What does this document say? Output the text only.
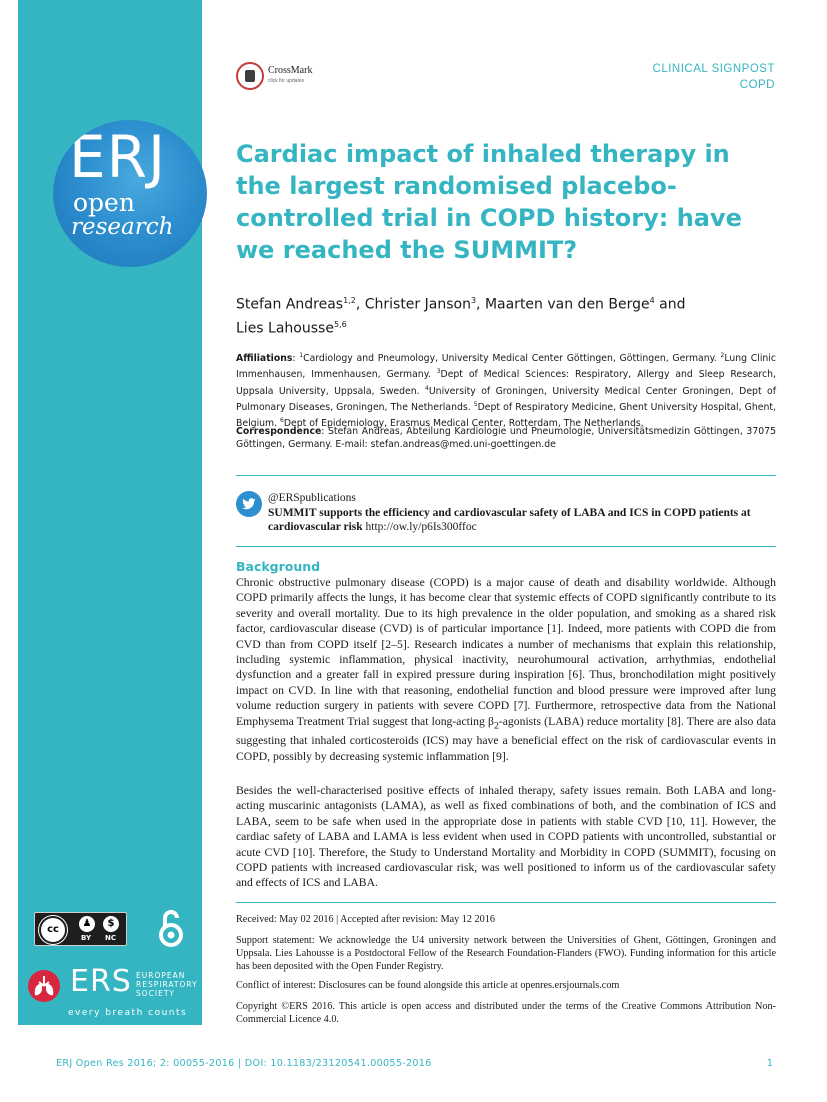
ERJ
open
research
cc
♟	$
BY NC
ERS EUROPEAN
RESPIRATORY
SOCIETY
every breath counts
CrossMark
click for updates
CLINICAL SIGNPOST
COPD
Cardiac impact of inhaled therapy in the largest randomised placebo-controlled trial in COPD history: have we reached the SUMMIT?
Stefan Andreas$^{1,2}$, Christer Janson$^3$, Maarten van den Berge$^4$ and
Lies Lahousse$^{5,6}$
Affiliations: $^1$Cardiology and Pneumology, University Medical Center Göttingen, Göttingen, Germany. $^2$Lung Clinic Immenhausen, Immenhausen, Germany. $^3$Dept of Medical Sciences: Respiratory, Allergy and Sleep Research, Uppsala University, Uppsala, Sweden. $^4$University of Groningen, University Medical Center Groningen, Dept of Pulmonary Diseases, Groningen, The Netherlands. $^5$Dept of Respiratory Medicine, Ghent University Hospital, Ghent, Belgium. $^6$Dept of Epidemiology, Erasmus Medical Center, Rotterdam, The Netherlands.
Correspondence: Stefan Andreas, Abteilung Kardiologie und Pneumologie, Universitätsmedizin Göttingen, 37075 Göttingen, Germany. E-mail: stefan.andreas@med.uni-goettingen.de
@ERSpublications
SUMMIT supports the efficiency and cardiovascular safety of LABA and ICS in COPD patients at cardiovascular risk http://ow.ly/p6Is300ffoc
Background

Chronic obstructive pulmonary disease (COPD) is a major cause of death and disability worldwide. Although COPD primarily affects the lungs, it has become clear that systemic effects of COPD significantly contribute to its severity and overall mortality. Due to its high prevalence in the older population, and smoking as a shared risk factor, cardiovascular disease (CVD) is of particular importance [1]. Indeed, more patients with COPD die from CVD than from COPD itself [2–5]. Research indicates a number of mechanisms that explain this relationship, including systemic inflammation, physical inactivity, neurohumoural activation, arrhythmias, endothelial dysfunction and a greater fall in expired pressure during inspiration [6]. Thus, bronchodilation might positively impact on CVD. In line with that reasoning, endothelial function and blood pressure were improved after lung volume reduction surgery in patients with severe COPD [7]. Furthermore, retrospective data from the National Emphysema Treatment Trial suggest that long-acting $\beta_2$-agonists (LABA) reduce mortality [8]. There are also data suggesting that inhaled corticosteroids (ICS) may have a beneficial effect on the risk of cardiovascular events in COPD, possibly by decreasing systemic inflammation [9].

Besides the well-characterised positive effects of inhaled therapy, safety issues remain. Both LABA and long-acting muscarinic antagonists (LAMA), as well as fixed combinations of both, and the combination of ICS and LABA, seem to be safe when used in the appropriate dose in patients with stable CVD [10, 11]. However, the cardiac safety of LABA and LAMA is less evident when used in COPD patients with uncontrolled, substantial or acute CVD [10]. Therefore, the Study to Understand Mortality and Morbidity in COPD (SUMMIT), focusing on COPD patients with increased cardiovascular risk, was well positioned to inform us of the cardiovascular safety and effects of ICS and LABA.

Received: May 02 2016 | Accepted after revision: May 12 2016

Support statement: We acknowledge the U4 university network between the Universities of Ghent, Göttingen, Groningen and Uppsala. Lies Lahousse is a Postdoctoral Fellow of the Research Foundation-Flanders (FWO). Funding information for this article has been deposited with the Open Funder Registry.

Conflict of interest: Disclosures can be found alongside this article at openres.ersjournals.com

Copyright ©ERS 2016. This article is open access and distributed under the terms of the Creative Commons Attribution Non-Commercial Licence 4.0.

ERJ Open Res 2016; 2: 00055-2016 | DOI: 10.1183/23120541.00055-2016	1
